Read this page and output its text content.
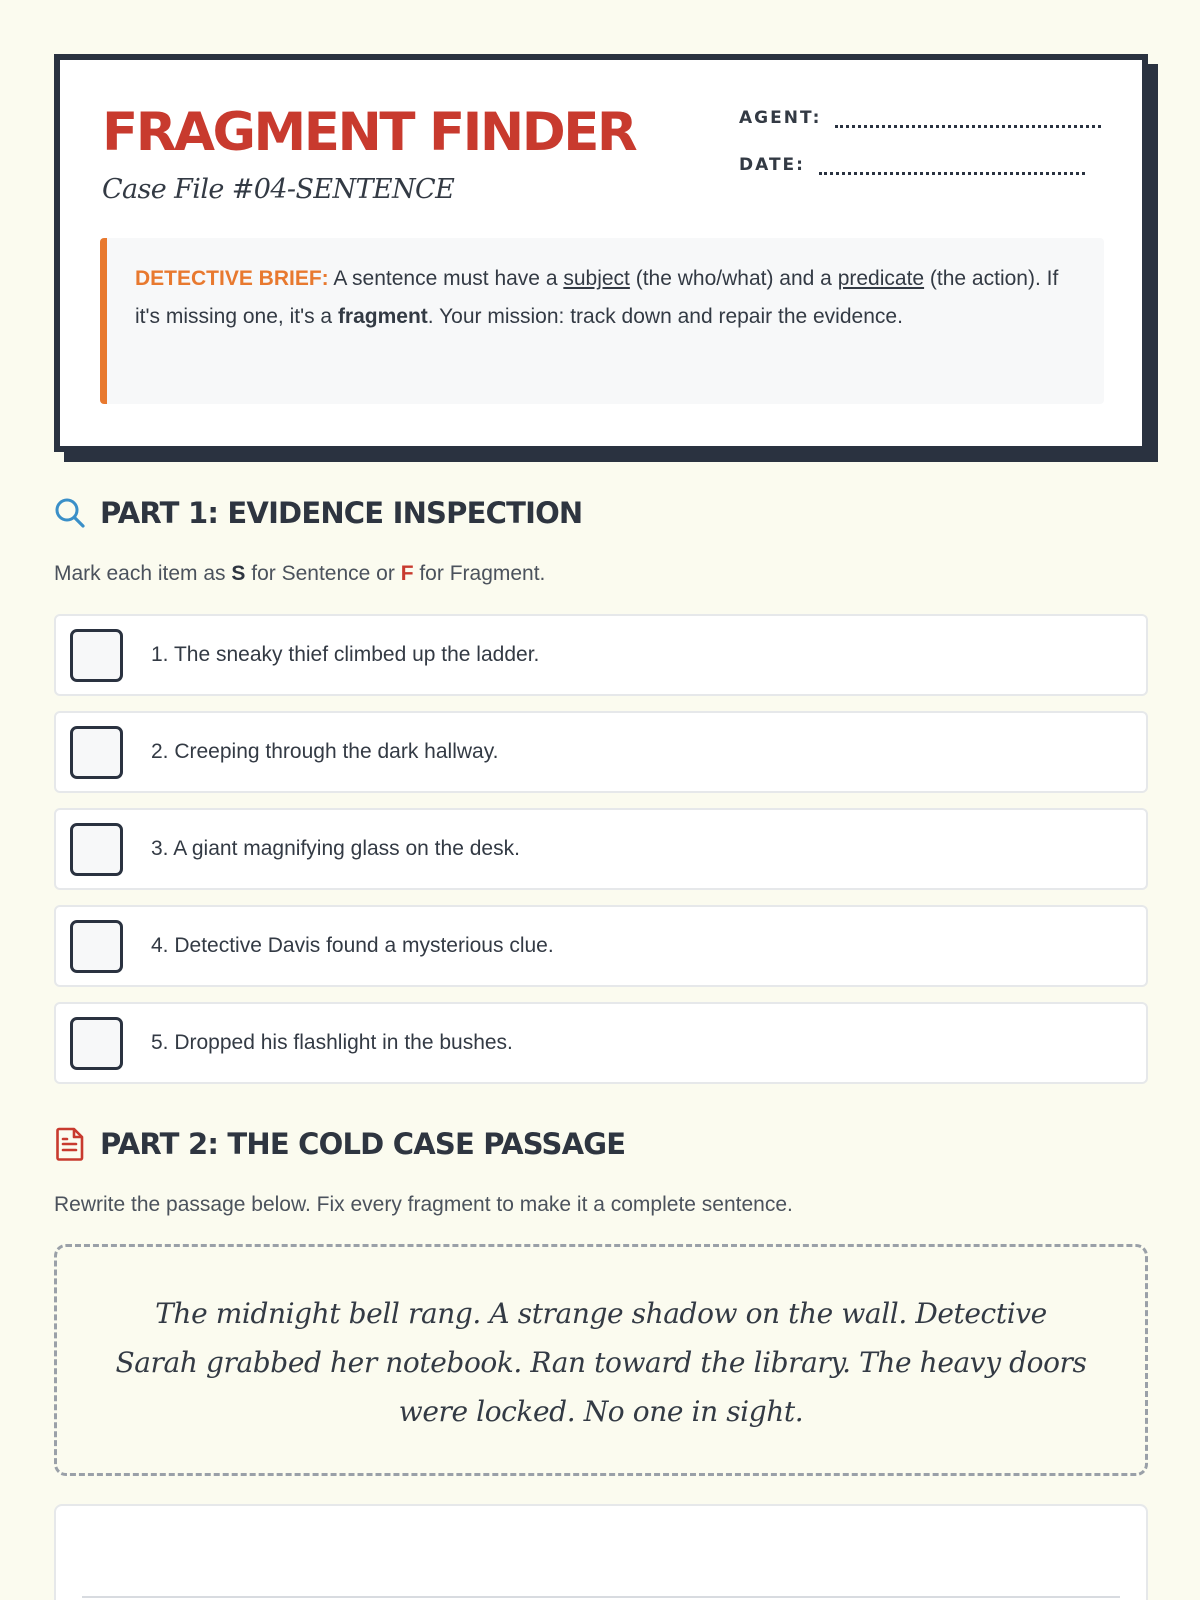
FRAGMENT FINDER
Case File #04-SENTENCE
AGENT:
DATE:
DETECTIVE BRIEF: A sentence must have a subject (the who/what) and a predicate (the action). If it's missing one, it's a fragment. Your mission: track down and repair the evidence.
PART 1: EVIDENCE INSPECTION
Mark each item as S for Sentence or F for Fragment.
1. The sneaky thief climbed up the ladder.
2. Creeping through the dark hallway.
3. A giant magnifying glass on the desk.
4. Detective Davis found a mysterious clue.
5. Dropped his flashlight in the bushes.
PART 2: THE COLD CASE PASSAGE
Rewrite the passage below. Fix every fragment to make it a complete sentence.
The midnight bell rang. A strange shadow on the wall. Detective Sarah grabbed her notebook. Ran toward the library. The heavy doors were locked. No one in sight.
